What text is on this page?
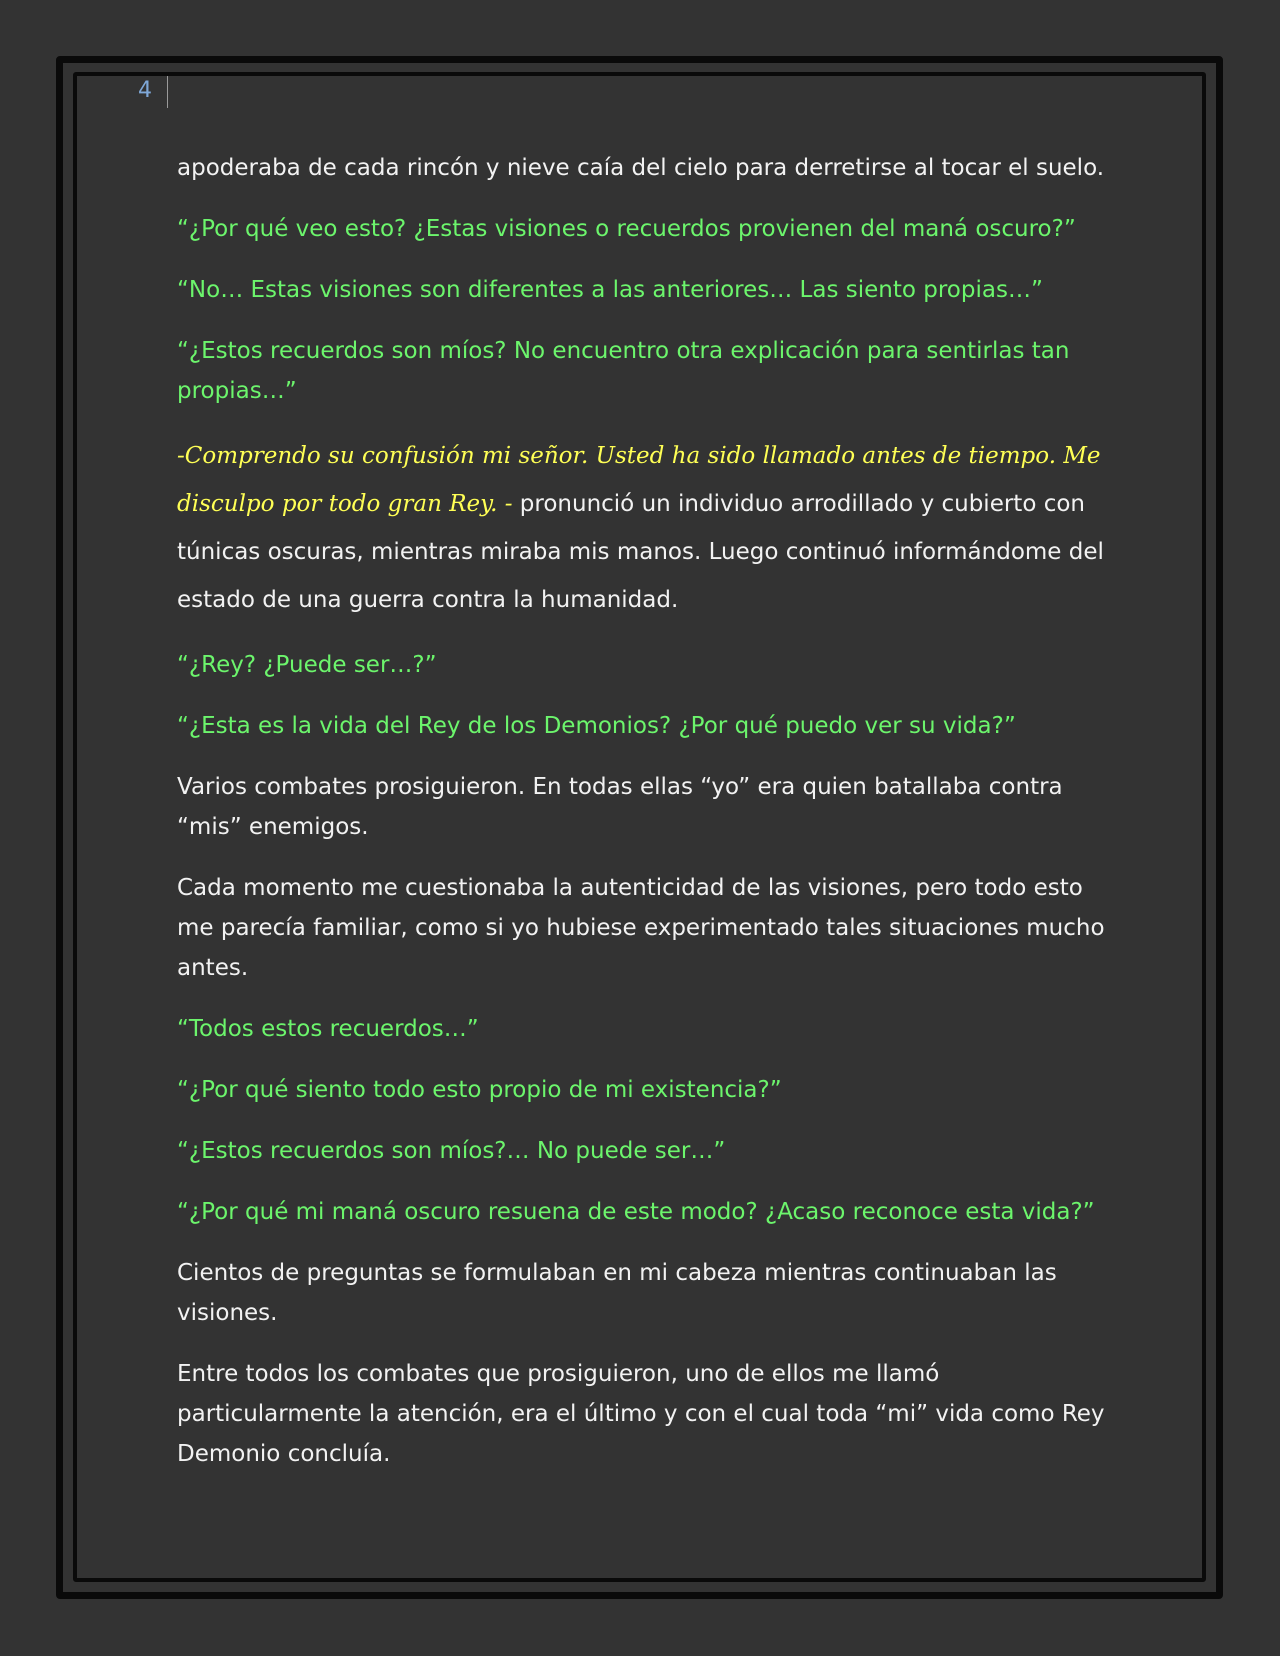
4

apoderaba de cada rincón y nieve caía del cielo para derretirse al tocar el suelo.

“¿Por qué veo esto? ¿Estas visiones o recuerdos provienen del maná oscuro?”

“No… Estas visiones son diferentes a las anteriores… Las siento propias…”

“¿Estos recuerdos son míos? No encuentro otra explicación para sentirlas tan propias…”

-Comprendo su confusión mi señor. Usted ha sido llamado antes de tiempo. Me disculpo por todo gran Rey. - pronunció un individuo arrodillado y cubierto con túnicas oscuras, mientras miraba mis manos. Luego continuó informándome del estado de una guerra contra la humanidad.

“¿Rey? ¿Puede ser…?”

“¿Esta es la vida del Rey de los Demonios? ¿Por qué puedo ver su vida?”

Varios combates prosiguieron. En todas ellas “yo” era quien batallaba contra “mis” enemigos.

Cada momento me cuestionaba la autenticidad de las visiones, pero todo esto me parecía familiar, como si yo hubiese experimentado tales situaciones mucho antes.

“Todos estos recuerdos…”

“¿Por qué siento todo esto propio de mi existencia?”

“¿Estos recuerdos son míos?… No puede ser…”

“¿Por qué mi maná oscuro resuena de este modo? ¿Acaso reconoce esta vida?”

Cientos de preguntas se formulaban en mi cabeza mientras continuaban las visiones.

Entre todos los combates que prosiguieron, uno de ellos me llamó particularmente la atención, era el último y con el cual toda “mi” vida como Rey Demonio concluía.
